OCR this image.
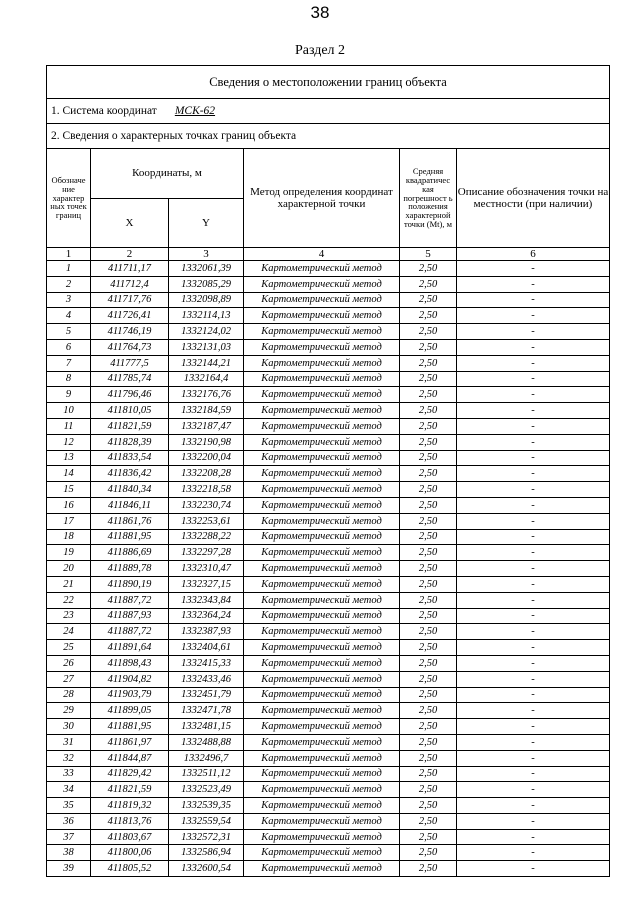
38
Раздел 2
Сведения о местоположении границ объекта					
1. Система координат МСК-62					
2. Сведения о характерных точках границ объекта					
Обозначе ние характер ных точек границ	Координаты, м		Метод определения координат характерной точки	Средняя квадратичес кая погрешност ь положения характерной точки (Mt), м	Описание обозначения точки на местности (при наличии)
	X	Y			
1	2	3	4	5	6
1	411711,17	1332061,39	Картометрический метод	2,50	-
2	411712,4	1332085,29	Картометрический метод	2,50	-
3	411717,76	1332098,89	Картометрический метод	2,50	-
4	411726,41	1332114,13	Картометрический метод	2,50	-
5	411746,19	1332124,02	Картометрический метод	2,50	-
6	411764,73	1332131,03	Картометрический метод	2,50	-
7	411777,5	1332144,21	Картометрический метод	2,50	-
8	411785,74	1332164,4	Картометрический метод	2,50	-
9	411796,46	1332176,76	Картометрический метод	2,50	-
10	411810,05	1332184,59	Картометрический метод	2,50	-
11	411821,59	1332187,47	Картометрический метод	2,50	-
12	411828,39	1332190,98	Картометрический метод	2,50	-
13	411833,54	1332200,04	Картометрический метод	2,50	-
14	411836,42	1332208,28	Картометрический метод	2,50	-
15	411840,34	1332218,58	Картометрический метод	2,50	-
16	411846,11	1332230,74	Картометрический метод	2,50	-
17	411861,76	1332253,61	Картометрический метод	2,50	-
18	411881,95	1332288,22	Картометрический метод	2,50	-
19	411886,69	1332297,28	Картометрический метод	2,50	-
20	411889,78	1332310,47	Картометрический метод	2,50	-
21	411890,19	1332327,15	Картометрический метод	2,50	-
22	411887,72	1332343,84	Картометрический метод	2,50	-
23	411887,93	1332364,24	Картометрический метод	2,50	-
24	411887,72	1332387,93	Картометрический метод	2,50	-
25	411891,64	1332404,61	Картометрический метод	2,50	-
26	411898,43	1332415,33	Картометрический метод	2,50	-
27	411904,82	1332433,46	Картометрический метод	2,50	-
28	411903,79	1332451,79	Картометрический метод	2,50	-
29	411899,05	1332471,78	Картометрический метод	2,50	-
30	411881,95	1332481,15	Картометрический метод	2,50	-
31	411861,97	1332488,88	Картометрический метод	2,50	-
32	411844,87	1332496,7	Картометрический метод	2,50	-
33	411829,42	1332511,12	Картометрический метод	2,50	-
34	411821,59	1332523,49	Картометрический метод	2,50	-
35	411819,32	1332539,35	Картометрический метод	2,50	-
36	411813,76	1332559,54	Картометрический метод	2,50	-
37	411803,67	1332572,31	Картометрический метод	2,50	-
38	411800,06	1332586,94	Картометрический метод	2,50	-
39	411805,52	1332600,54	Картометрический метод	2,50	-
